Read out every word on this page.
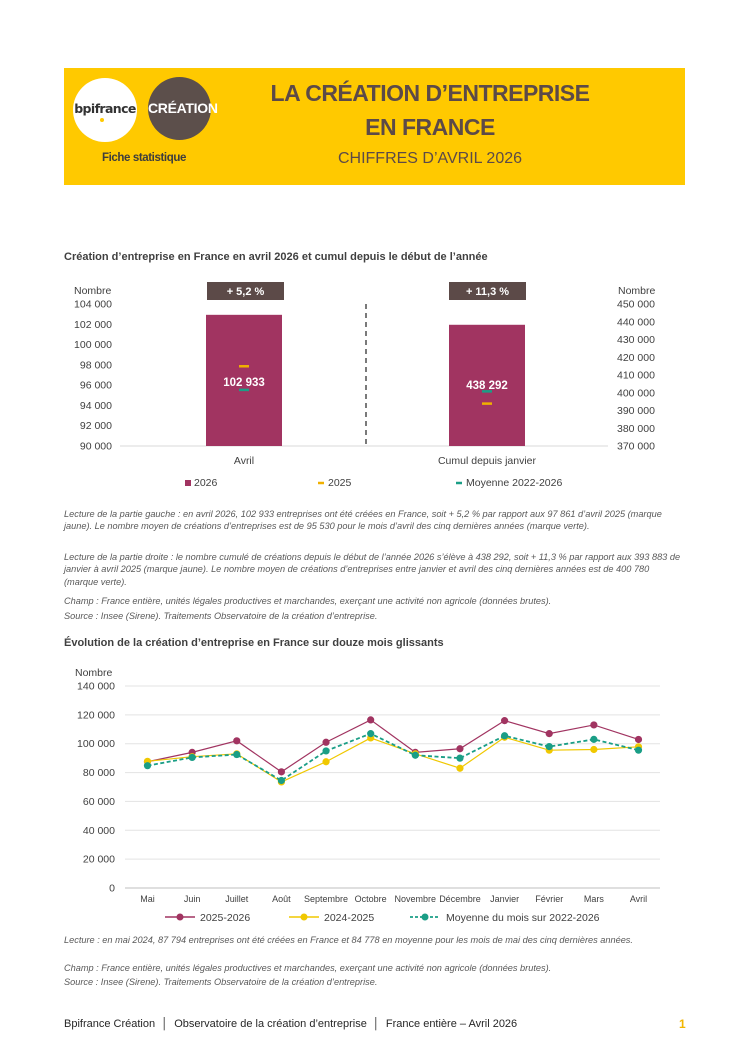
bpifrance CRÉATION
Fiche statistique
LA CRÉATION D’ENTREPRISE
EN FRANCE
CHIFFRES D’AVRIL 2026
Création d’entreprise en France en avril 2026 et cumul depuis le début de l’année
Nombre	Nombre
90 000
92 000
94 000
96 000
98 000
100 000
102 000
104 000
370 000
380 000
390 000
400 000
410 000
420 000
430 000
440 000
450 000
102 933	438 292
+ 5,2 %	+ 11,3 %
Avril	Cumul depuis janvier
2026	2025	Moyenne 2022-2026
Lecture de la partie gauche : en avril 2026, 102 933 entreprises ont été créées en France, soit + 5,2 % par rapport aux 97 861 d’avril 2025 (marque jaune). Le nombre moyen de créations d’entreprises est de 95 530 pour le mois d’avril des cinq dernières années (marque verte).
Lecture de la partie droite : le nombre cumulé de créations depuis le début de l’année 2026 s’élève à 438 292, soit + 11,3 % par rapport aux 393 883 de janvier à avril 2025 (marque jaune). Le nombre moyen de créations d’entreprises entre janvier et avril des cinq dernières années est de 400 780 (marque verte).
Champ : France entière, unités légales productives et marchandes, exerçant une activité non agricole (données brutes).
Source : Insee (Sirene). Traitements Observatoire de la création d’entreprise.
Évolution de la création d’entreprise en France sur douze mois glissants
Nombre
0
20 000
40 000
60 000
80 000
100 000
120 000
140 000
Mai	Juin	Juillet	Août Septembre Octobre Novembre Décembre Janvier Février Mars	Avril
2025-2026	2024-2025	Moyenne du mois sur 2022-2026
Lecture : en mai 2024, 87 794 entreprises ont été créées en France et 84 778 en moyenne pour les mois de mai des cinq dernières années.
Champ : France entière, unités légales productives et marchandes, exerçant une activité non agricole (données brutes).
Source : Insee (Sirene). Traitements Observatoire de la création d’entreprise.
Bpifrance Création  │  Observatoire de la création d’entreprise  │  France entière – Avril 2026	1
